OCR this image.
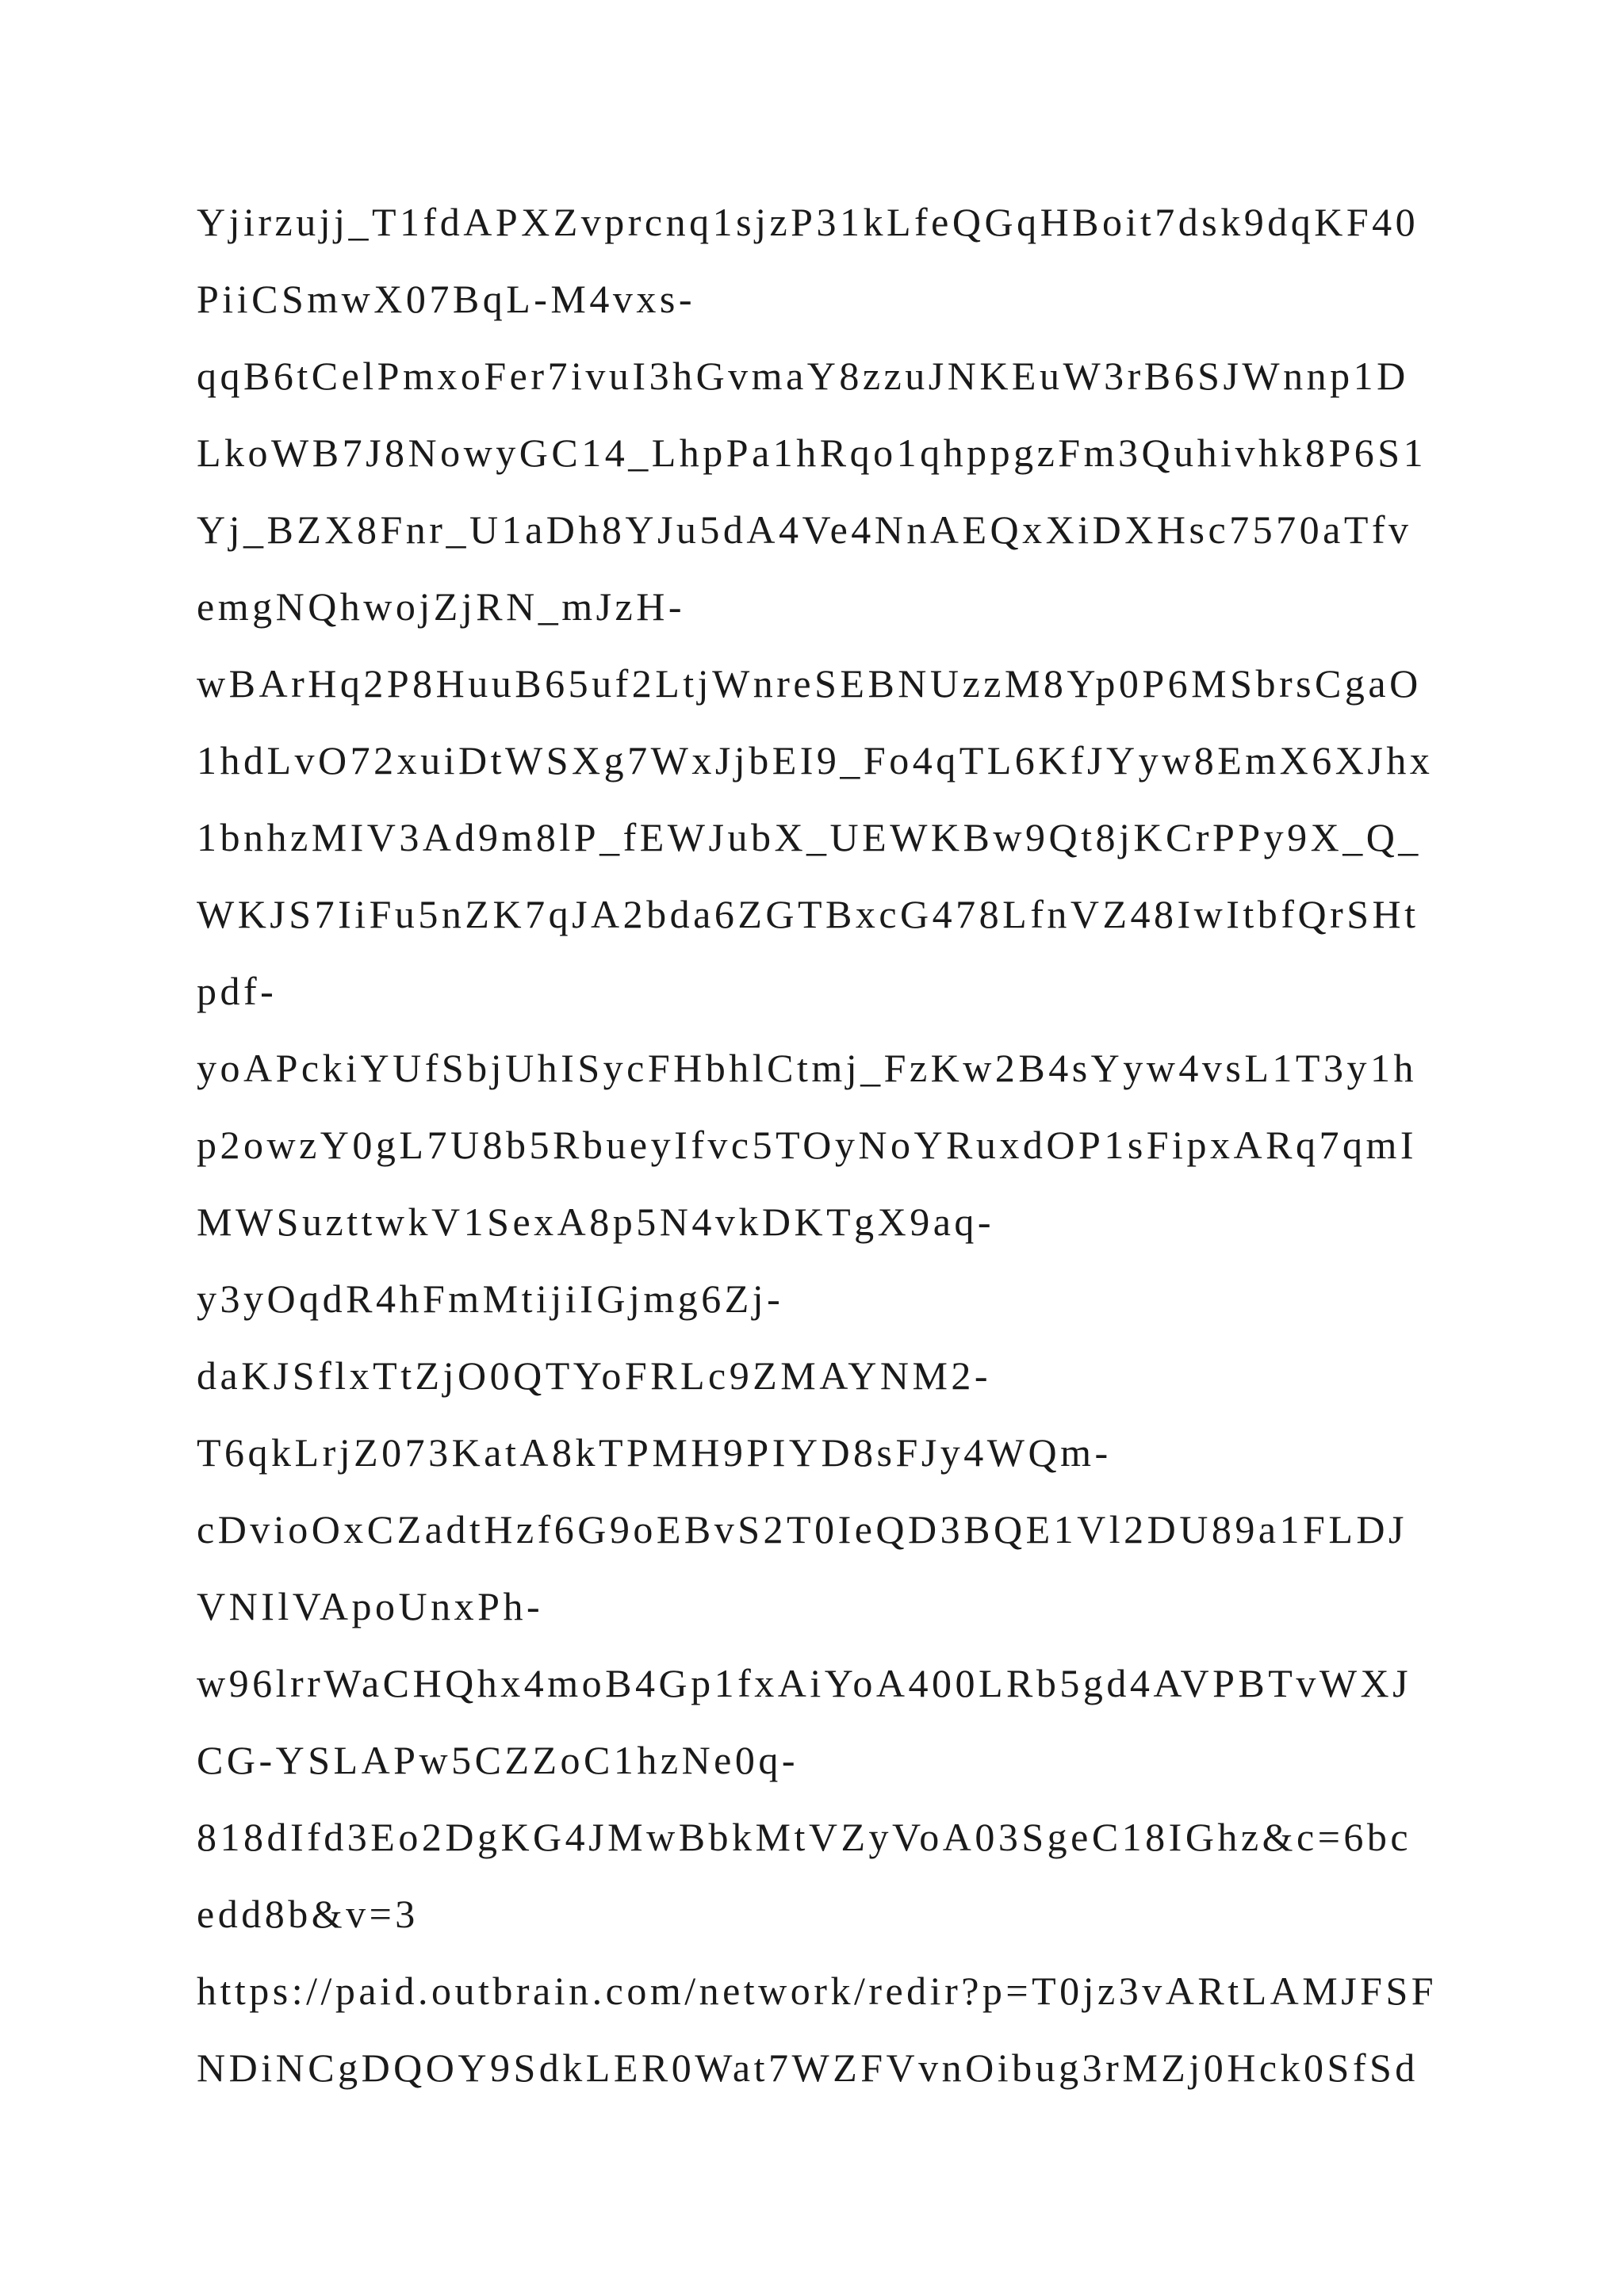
Yjirzujj_T1fdAPXZvprcnq1sjzP31kLfeQGqHBoit7dsk9dqKF40
PiiCSmwX07BqL-M4vxs-
qqB6tCelPmxoFer7ivuI3hGvmaY8zzuJNKEuW3rB6SJWnnp1D
LkoWB7J8NowyGC14_LhpPa1hRqo1qhppgzFm3Quhivhk8P6S1
Yj_BZX8Fnr_U1aDh8YJu5dA4Ve4NnAEQxXiDXHsc7570aTfv
emgNQhwojZjRN_mJzH-
wBArHq2P8HuuB65uf2LtjWnreSEBNUzzM8Yp0P6MSbrsCgaO
1hdLvO72xuiDtWSXg7WxJjbEI9_Fo4qTL6KfJYyw8EmX6XJhx
1bnhzMIV3Ad9m8lP_fEWJubX_UEWKBw9Qt8jKCrPPy9X_Q_
WKJS7IiFu5nZK7qJA2bda6ZGTBxcG478LfnVZ48IwItbfQrSHt
pdf-
yoAPckiYUfSbjUhISycFHbhlCtmj_FzKw2B4sYyw4vsL1T3y1h
p2owzY0gL7U8b5RbueyIfvc5TOyNoYRuxdOP1sFipxARq7qmI
MWSuzttwkV1SexA8p5N4vkDKTgX9aq-
y3yOqdR4hFmMtijiIGjmg6Zj-
daKJSflxTtZjO0QTYoFRLc9ZMAYNM2-
T6qkLrjZ073KatA8kTPMH9PIYD8sFJy4WQm-
cDvioOxCZadtHzf6G9oEBvS2T0IeQD3BQE1Vl2DU89a1FLDJ
VNIlVApoUnxPh-
w96lrrWaCHQhx4moB4Gp1fxAiYoA400LRb5gd4AVPBTvWXJ
CG-YSLAPw5CZZoC1hzNe0q-
818dIfd3Eo2DgKG4JMwBbkMtVZyVoA03SgeC18IGhz&c=6bc
edd8b&v=3
https://paid.outbrain.com/network/redir?p=T0jz3vARtLAMJFSF
NDiNCgDQOY9SdkLER0Wat7WZFVvnOibug3rMZj0Hck0SfSd
